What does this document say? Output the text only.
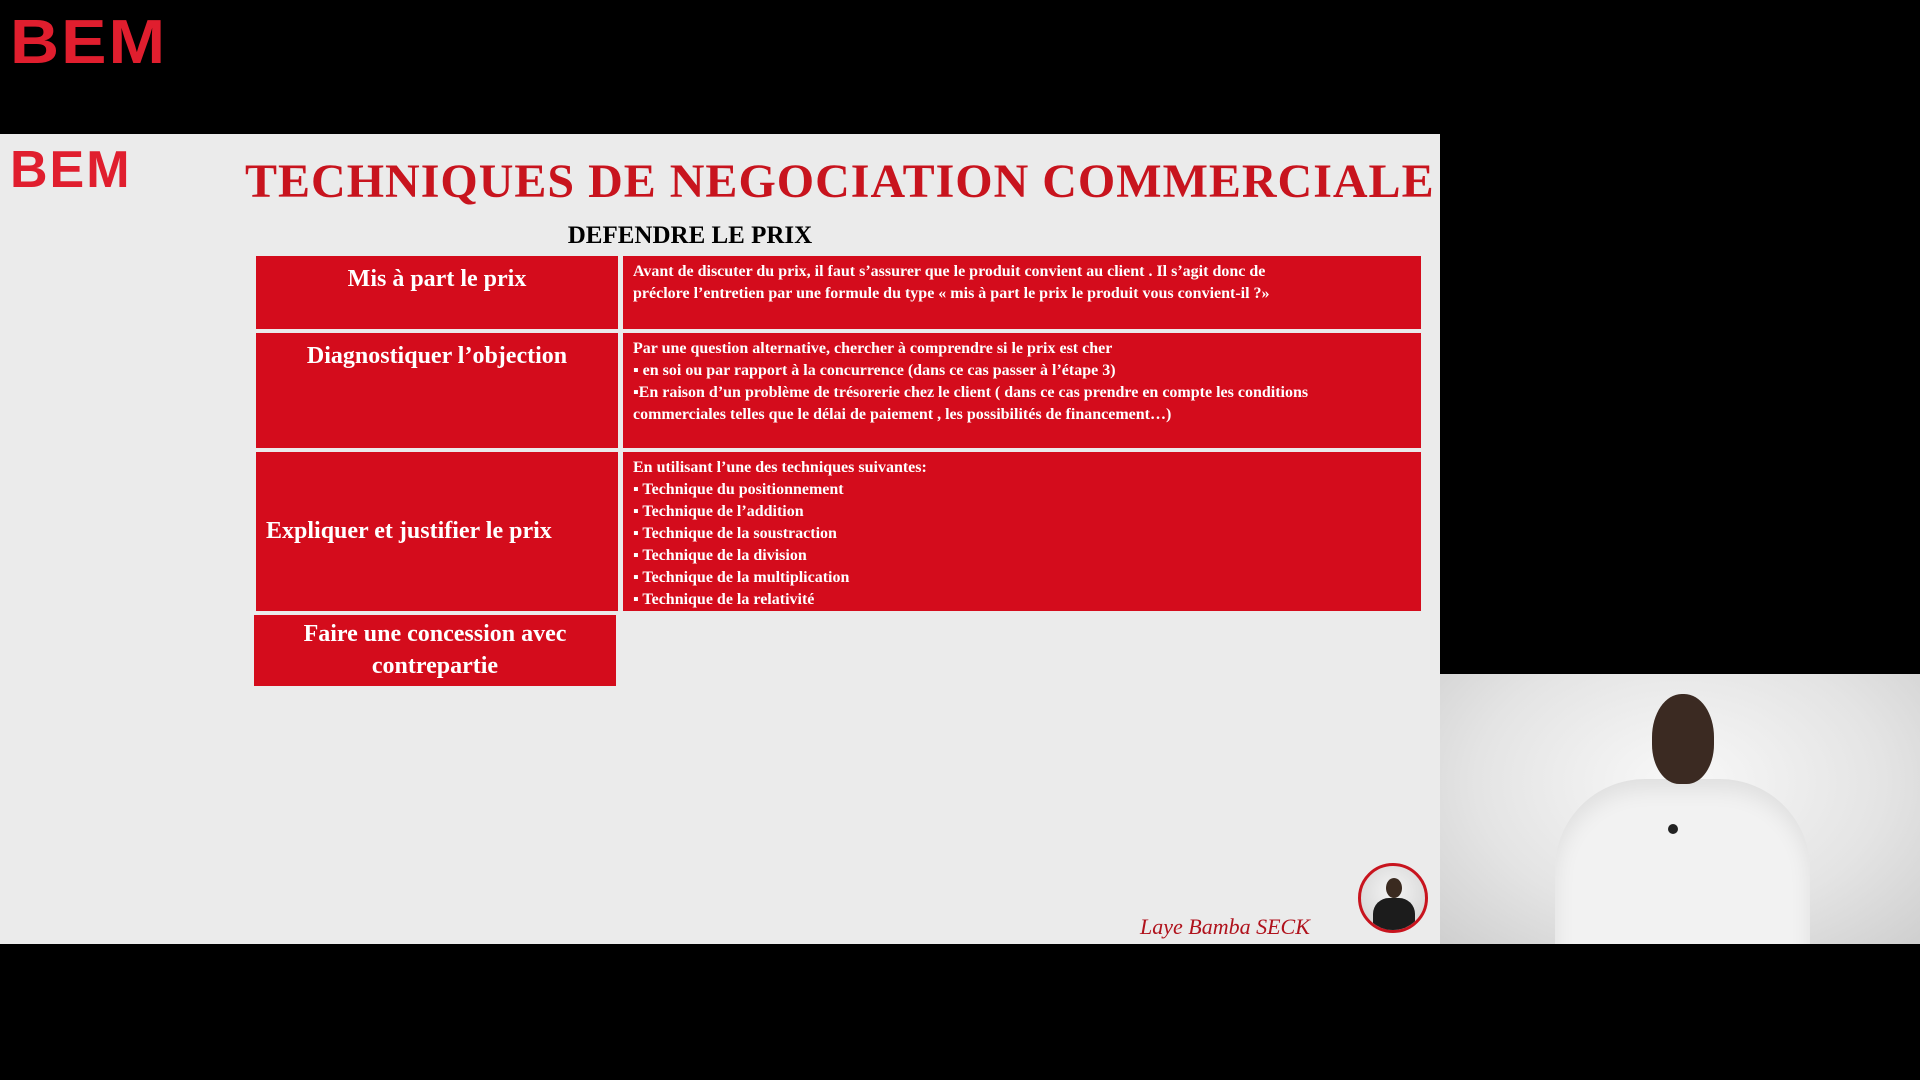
BEM
BEM TECHNIQUES DE NEGOCIATION COMMERCIALE
DEFENDRE LE PRIX
Mis à part le prix	Avant de discuter du prix, il faut s’assurer que le produit convient au client . Il s’agit donc de
préclore l’entretien par une formule du type « mis à part le prix le produit vous convient-il ?»
Diagnostiquer l’objection	Par une question alternative, chercher à comprendre si le prix est cher
▪ en soi ou par rapport à la concurrence (dans ce cas passer à l’étape 3)
▪En raison d’un problème de trésorerie chez le client ( dans ce cas prendre en compte les conditions
commerciales telles que le délai de paiement , les possibilités de financement…)
Expliquer et justifier le prix
En utilisant l’une des techniques suivantes:
▪ Technique du positionnement
▪ Technique de l’addition
▪ Technique de la soustraction
▪ Technique de la division
▪ Technique de la multiplication
▪ Technique de la relativité
Faire une concession avec contrepartie
Laye Bamba SECK
